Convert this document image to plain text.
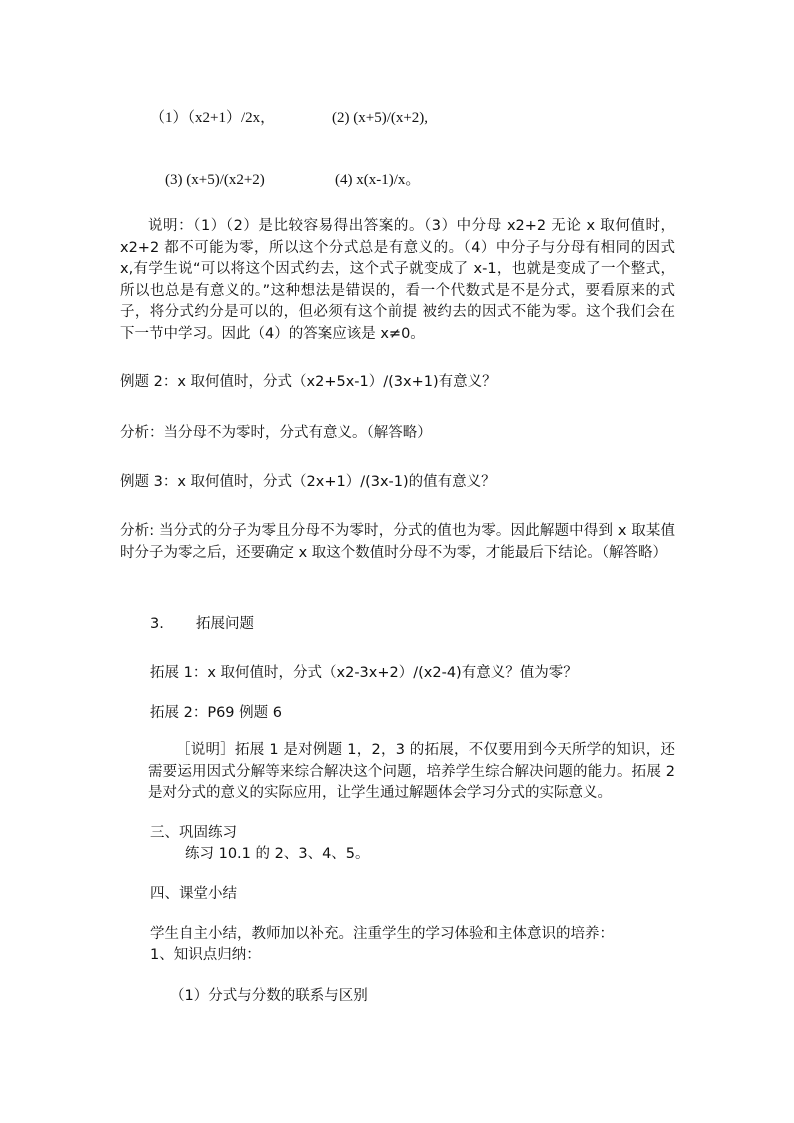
（1）（x2+1）/2x，	(2) (x+5)/(x+2),
(3) (x+5)/(x2+2)	(4) x(x-1)/x。
说明：（1）（2）是比较容易得出答案的。（3）中分母 x2+2 无论 x 取何值时，x2+2 都不可能为零，所以这个分式总是有意义的。（4）中分子与分母有相同的因式 x,有学生说“可以将这个因式约去，这个式子就变成了 x-1，也就是变成了一个整式，所以也总是有意义的。”这种想法是错误的，看一个代数式是不是分式，要看原来的式子，将分式约分是可以的，但必须有这个前提 被约去的因式不能为零。这个我们会在下一节中学习。因此（4）的答案应该是 x≠0。
例题 2：x 取何值时，分式（x2+5x-1）/(3x+1)有意义？
分析：当分母不为零时，分式有意义。（解答略）
例题 3：x 取何值时，分式（2x+1）/(3x-1)的值有意义？
分析: 当分式的分子为零且分母不为零时，分式的值也为零。因此解题中得到 x 取某值时分子为零之后，还要确定 x 取这个数值时分母不为零，才能最后下结论。（解答略）
3. 拓展问题
拓展 1：x 取何值时，分式（x2-3x+2）/(x2-4)有意义？值为零？
拓展 2：P69 例题 6
［说明］拓展 1 是对例题 1，2，3 的拓展，不仅要用到今天所学的知识，还需要运用因式分解等来综合解决这个问题，培养学生综合解决问题的能力。拓展 2 是对分式的意义的实际应用，让学生通过解题体会学习分式的实际意义。
三、巩固练习
练习 10.1 的 2、3、4、5。
四、课堂小结
学生自主小结，教师加以补充。注重学生的学习体验和主体意识的培养：
1、知识点归纳：
（1）分式与分数的联系与区别
